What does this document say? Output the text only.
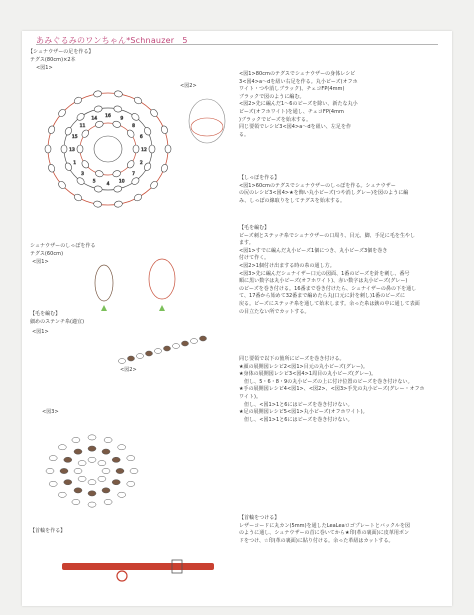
あみぐるみのワンちゃん*Schnauzer　5
【シュナウザーの足を作る】
テグス(80cm)×2本
<図1>
<図2>
シュナウザーのしっぽを作る
テグス(60cm)
<図1>
【毛を編む】
細めのステンチ糸(適宜)
<図1>
<図2>
<図3>
【首輪を作る】
16
9
8
6
12
2
7
10
4
5
3
1
13
15
11
14
<図1>80cmのテグスでシュナウザーの身体レシピ
3<図4>a〜dを紐い右足を作る。丸小ビーズ(オフホ
ワイト・つや消しブラック)、チェコFP(4mm)
ブラックで図のように編む。
<図2>先に編んだ1〜6のビーズを除い、新たな丸小
ビーズ(オフホワイト)を通し、チェコFP(4mm
)ブラックでビーズを始末する。
同じ要領でレシピ3<図4>a〜dを紐い、左足を作
る。
【しっぽを作る】
<図1>60cmのテグスでシュナウザーのしっぽを作る。シュナウザー
の尻のレシピ3<図4>★を飾い丸小ビーズ(つや消しグレー)を図のように編
み、しっぽの線取りをしてテグスを始末する。
【毛を編む】
ビーズ刺とステッチ糸でシュナウザーの口周り、目元、脚、手足に毛を生やし
ます。
<図1>すでに編んだ丸小ビーズ1個につき、丸小ビーズ3個を巻き
付けて作く。
<図2>1個付け出まする時の糸の通し方。
<図3>先に編んだシュナイザー口元の図面、1番のビーズを針を刺し、番号
順に黒い数字は丸小ビーズ(オフホワイト)、赤い数字は丸小ビーズ(グレー)
のビーズを巻き付ける。16番まで巻き付けたら、シュナイザーの鼻の下を通し
て、17番から始めて32番まで編めたら丸(口元に針を刺し)1番のビーズに
戻る。ビーズにステッチ糸を通して始末します。余った糸は鋏の中に通して表面
の目立たない所でカットする。
同じ要領で以下の箇所にビーズを巻き付ける。
★顔の展開図レシピ2<図1>目元の丸小ビーズ(グレー)。
★身体の展開図レシピ3<図4>1周目の丸小ビーズ(グレー)。
　但し、5・6・8・9の丸小ビーズの上に付け位置のビーズを巻き付けない。
★手の展開図レシピ4<図1>、<図2>、<図3>手先の丸小ビーズ(グレー・オフホ
ワイト)。
　但し、<図1>1と6にはビーズを巻き付けない。
★足の展開図レシピ5<図1>丸小ビーズ(オフホワイト)。
　但し、<図1>1と6にはビーズを巻き付けない。
【首輪をつける】
レザーコードに丸カン(5mm)を通したLeaLeaロゴプレートとバックルを図
のように通し、シュナウザーの首に巻いてから★印(革の裏面)に皮革用ボン
ドをつけ、☆印(革の裏面)に貼り付ける。余った革紐はカットする。
